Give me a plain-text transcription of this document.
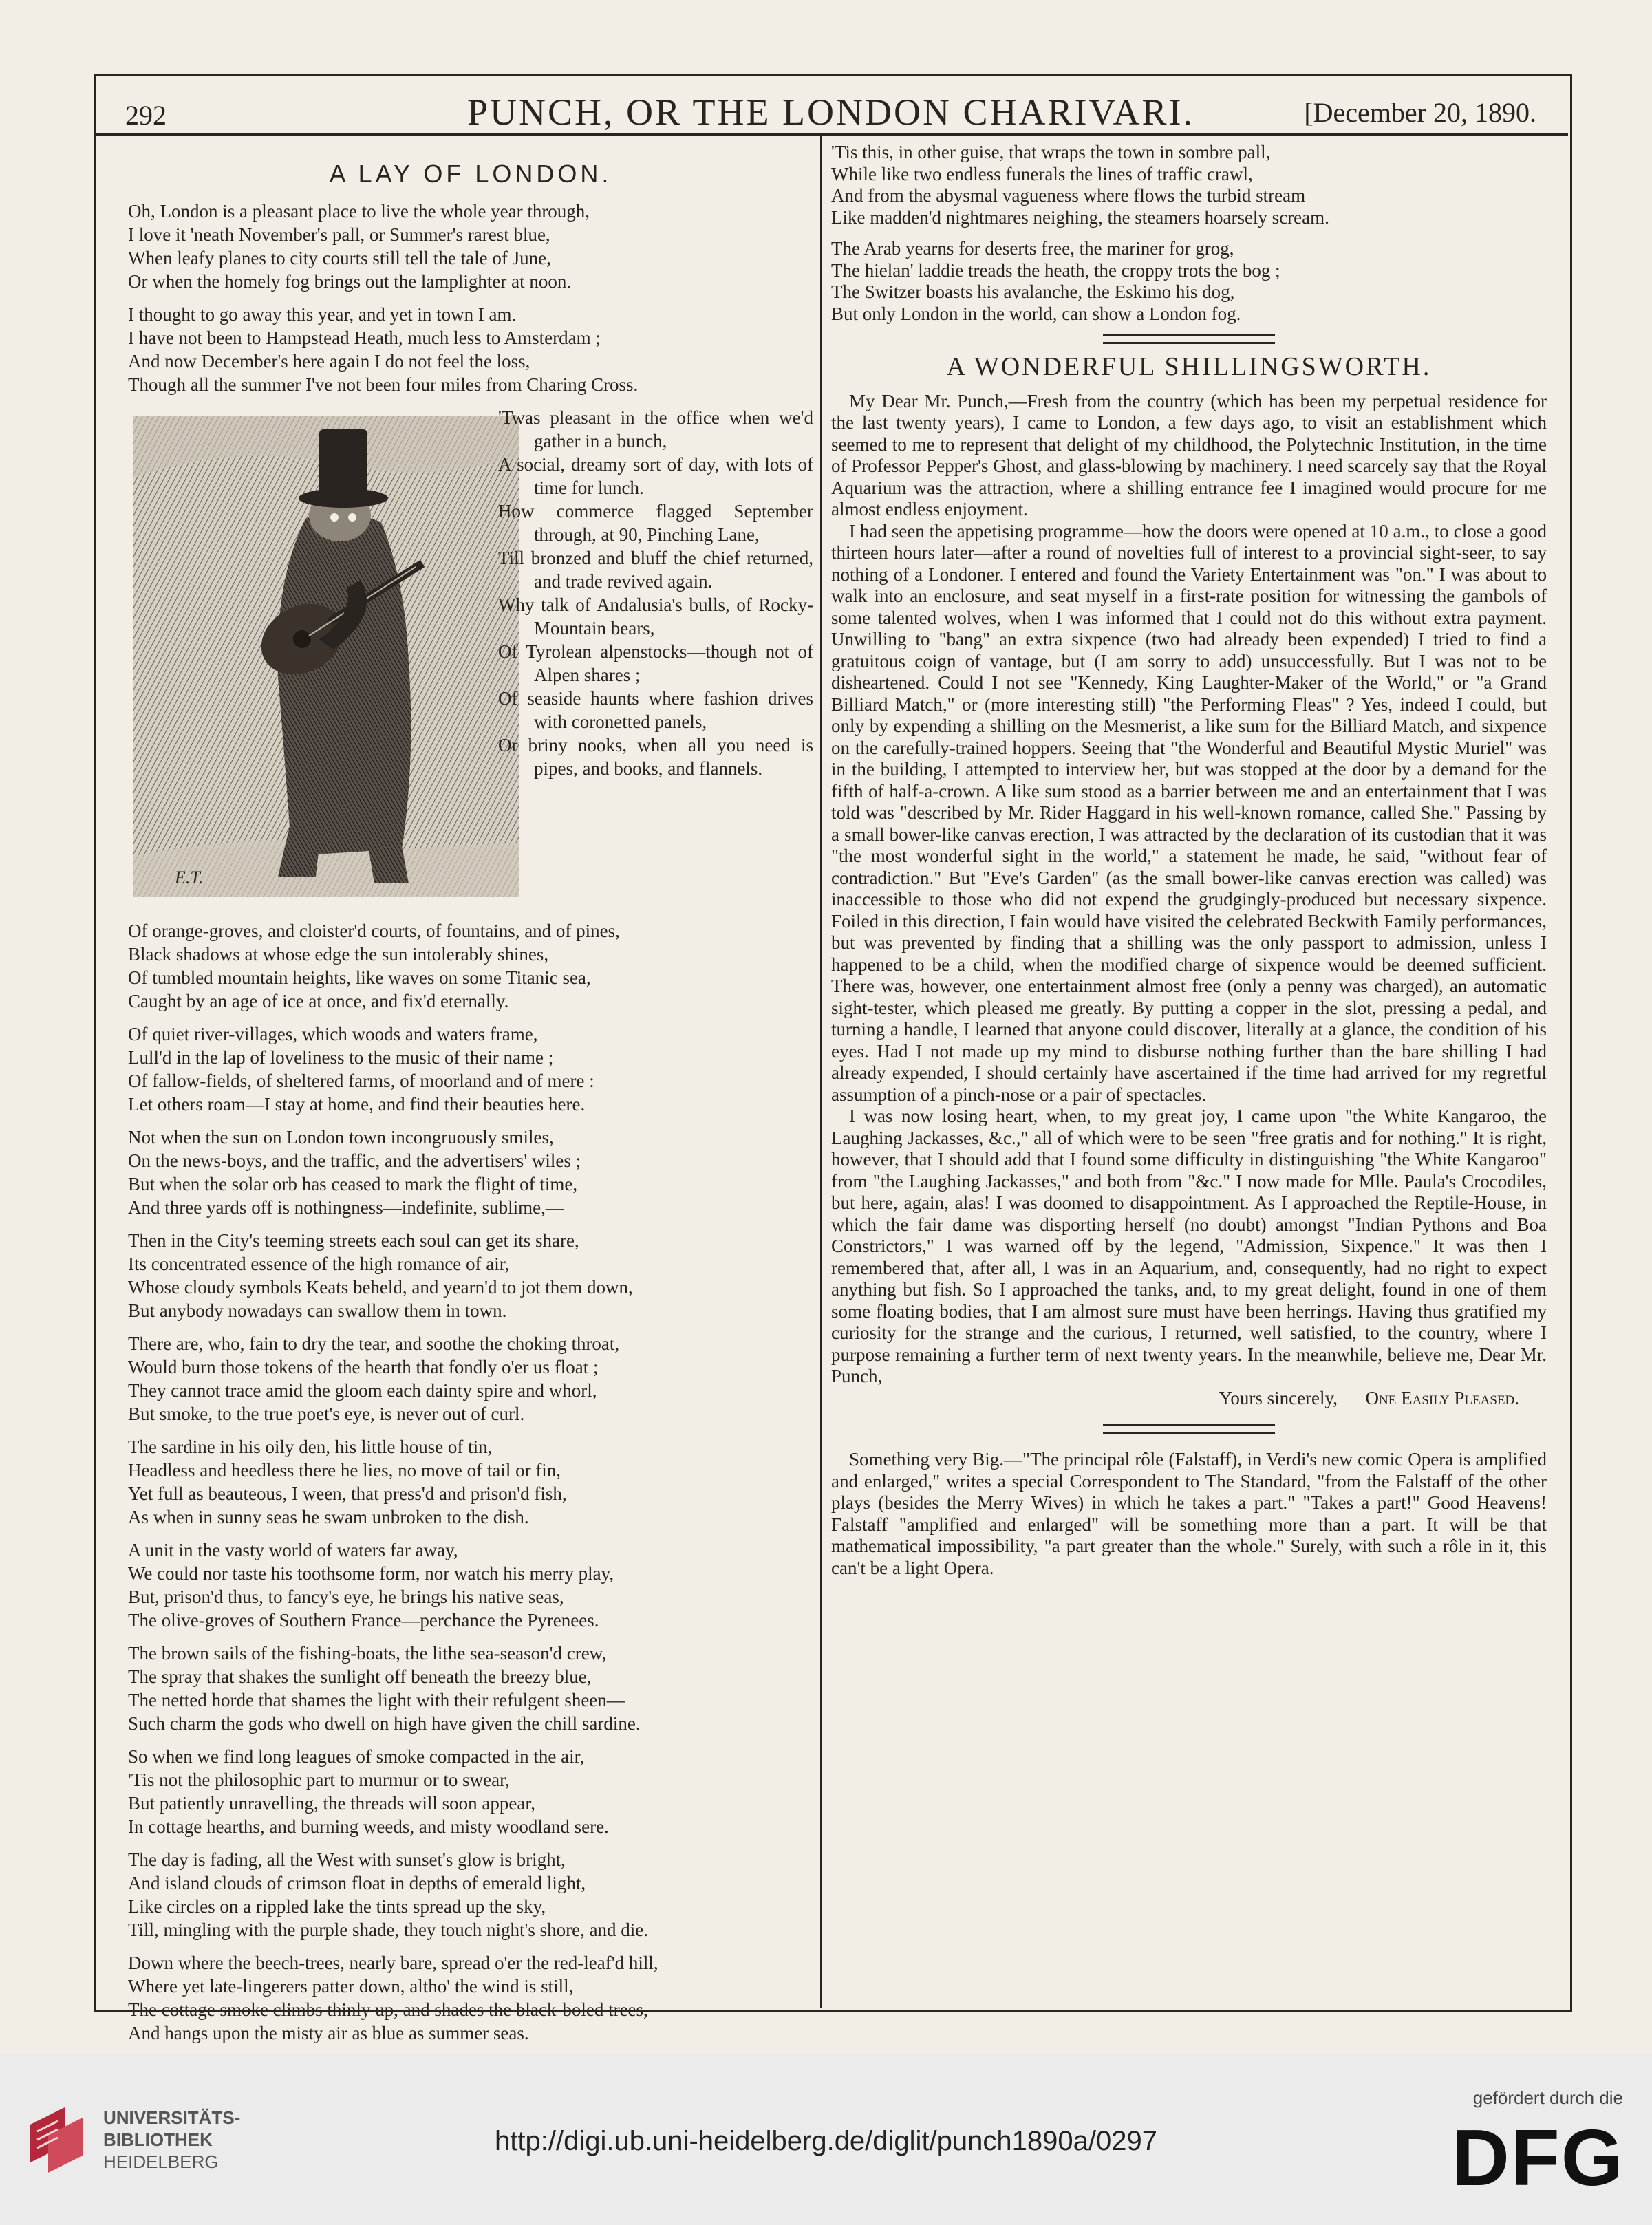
292	PUNCH, OR THE LONDON CHARIVARI.	[December 20, 1890.
A LAY OF LONDON.
Oh, London is a pleasant place to live the whole year through,
I love it 'neath November's pall, or Summer's rarest blue,
When leafy planes to city courts still tell the tale of June,
Or when the homely fog brings out the lamplighter at noon.
I thought to go away this year, and yet in town I am.
I have not been to Hampstead Heath, much less to Amsterdam ;
And now December's here again I do not feel the loss,
Though all the summer I've not been four miles from Charing Cross.
E.T.
'Twas pleasant in the office when we'd gather in a bunch,
A social, dreamy sort of day, with lots of time for lunch.
How commerce flagged September through, at 90, Pinching Lane,
Till bronzed and bluff the chief returned, and trade revived again.
Why talk of Andalusia's bulls, of Rocky-Mountain bears,
Of Tyrolean alpenstocks—though not of Alpen shares ;
Of seaside haunts where fashion drives with coronetted panels,
Or briny nooks, when all you need is pipes, and books, and flannels.
Of orange-groves, and cloister'd courts, of fountains, and of pines,
Black shadows at whose edge the sun intolerably shines,
Of tumbled mountain heights, like waves on some Titanic sea,
Caught by an age of ice at once, and fix'd eternally.
Of quiet river-villages, which woods and waters frame,
Lull'd in the lap of loveliness to the music of their name ;
Of fallow-fields, of sheltered farms, of moorland and of mere :
Let others roam—I stay at home, and find their beauties here.
Not when the sun on London town incongruously smiles,
On the news-boys, and the traffic, and the advertisers' wiles ;
But when the solar orb has ceased to mark the flight of time,
And three yards off is nothingness—indefinite, sublime,—
Then in the City's teeming streets each soul can get its share,
Its concentrated essence of the high romance of air,
Whose cloudy symbols Keats beheld, and yearn'd to jot them down,
But anybody nowadays can swallow them in town.
There are, who, fain to dry the tear, and soothe the choking throat,
Would burn those tokens of the hearth that fondly o'er us float ;
They cannot trace amid the gloom each dainty spire and whorl,
But smoke, to the true poet's eye, is never out of curl.
The sardine in his oily den, his little house of tin,
Headless and heedless there he lies, no move of tail or fin,
Yet full as beauteous, I ween, that press'd and prison'd fish,
As when in sunny seas he swam unbroken to the dish.
A unit in the vasty world of waters far away,
We could nor taste his toothsome form, nor watch his merry play,
But, prison'd thus, to fancy's eye, he brings his native seas,
The olive-groves of Southern France—perchance the Pyrenees.
The brown sails of the fishing-boats, the lithe sea-season'd crew,
The spray that shakes the sunlight off beneath the breezy blue,
The netted horde that shames the light with their refulgent sheen—
Such charm the gods who dwell on high have given the chill sardine.
So when we find long leagues of smoke compacted in the air,
'Tis not the philosophic part to murmur or to swear,
But patiently unravelling, the threads will soon appear,
In cottage hearths, and burning weeds, and misty woodland sere.
The day is fading, all the West with sunset's glow is bright,
And island clouds of crimson float in depths of emerald light,
Like circles on a rippled lake the tints spread up the sky,
Till, mingling with the purple shade, they touch night's shore, and die.
Down where the beech-trees, nearly bare, spread o'er the red-leaf'd hill,
Where yet late-lingerers patter down, altho' the wind is still,
The cottage smoke climbs thinly up, and shades the black-boled trees,
And hangs upon the misty air as blue as summer seas.
'Tis this, in other guise, that wraps the town in sombre pall,
While like two endless funerals the lines of traffic crawl,
And from the abysmal vagueness where flows the turbid stream
Like madden'd nightmares neighing, the steamers hoarsely scream.
The Arab yearns for deserts free, the mariner for grog,
The hielan' laddie treads the heath, the croppy trots the bog ;
The Switzer boasts his avalanche, the Eskimo his dog,
But only London in the world, can show a London fog.
A WONDERFUL SHILLINGSWORTH.

My Dear Mr. Punch,—Fresh from the country (which has been my perpetual residence for the last twenty years), I came to London, a few days ago, to visit an establishment which seemed to me to represent that delight of my childhood, the Polytechnic Institution, in the time of Professor Pepper's Ghost, and glass-blowing by machinery. I need scarcely say that the Royal Aquarium was the attraction, where a shilling entrance fee I imagined would procure for me almost endless enjoyment.

I had seen the appetising programme—how the doors were opened at 10 a.m., to close a good thirteen hours later—after a round of novelties full of interest to a provincial sight-seer, to say nothing of a Londoner. I entered and found the Variety Entertainment was "on." I was about to walk into an enclosure, and seat myself in a first-rate position for witnessing the gambols of some talented wolves, when I was informed that I could not do this without extra payment. Unwilling to "bang" an extra sixpence (two had already been expended) I tried to find a gratuitous coign of vantage, but (I am sorry to add) unsuccessfully. But I was not to be disheartened. Could I not see "Kennedy, King Laughter-Maker of the World," or "a Grand Billiard Match," or (more interesting still) "the Performing Fleas" ? Yes, indeed I could, but only by expending a shilling on the Mesmerist, a like sum for the Billiard Match, and sixpence on the carefully-trained hoppers. Seeing that "the Wonderful and Beautiful Mystic Muriel" was in the building, I attempted to interview her, but was stopped at the door by a demand for the fifth of half-a-crown. A like sum stood as a barrier between me and an entertainment that I was told was "described by Mr. Rider Haggard in his well-known romance, called She." Passing by a small bower-like canvas erection, I was attracted by the declaration of its custodian that it was "the most wonderful sight in the world," a statement he made, he said, "without fear of contradiction." But "Eve's Garden" (as the small bower-like canvas erection was called) was inaccessible to those who did not expend the grudgingly-produced but necessary sixpence. Foiled in this direction, I fain would have visited the celebrated Beckwith Family performances, but was prevented by finding that a shilling was the only passport to admission, unless I happened to be a child, when the modified charge of sixpence would be deemed sufficient. There was, however, one entertainment almost free (only a penny was charged), an automatic sight-tester, which pleased me greatly. By putting a copper in the slot, pressing a pedal, and turning a handle, I learned that anyone could discover, literally at a glance, the condition of his eyes. Had I not made up my mind to disburse nothing further than the bare shilling I had already expended, I should certainly have ascertained if the time had arrived for my regretful assumption of a pinch-nose or a pair of spectacles.

I was now losing heart, when, to my great joy, I came upon "the White Kangaroo, the Laughing Jackasses, &c.," all of which were to be seen "free gratis and for nothing." It is right, however, that I should add that I found some difficulty in distinguishing "the White Kangaroo" from "the Laughing Jackasses," and both from "&c." I now made for Mlle. Paula's Crocodiles, but here, again, alas! I was doomed to disappointment. As I approached the Reptile-House, in which the fair dame was disporting herself (no doubt) amongst "Indian Pythons and Boa Constrictors," I was warned off by the legend, "Admission, Sixpence." It was then I remembered that, after all, I was in an Aquarium, and, consequently, had no right to expect anything but fish. So I approached the tanks, and, to my great delight, found in one of them some floating bodies, that I am almost sure must have been herrings. Having thus gratified my curiosity for the strange and the curious, I returned, well satisfied, to the country, where I purpose remaining a further term of next twenty years. In the meanwhile, believe me, Dear Mr. Punch,

Yours sincerely, One Easily Pleased.

Something very Big.—"The principal rôle (Falstaff), in Verdi's new comic Opera is amplified and enlarged," writes a special Correspondent to The Standard, "from the Falstaff of the other plays (besides the Merry Wives) in which he takes a part." "Takes a part!" Good Heavens! Falstaff "amplified and enlarged" will be something more than a part. It will be that mathematical impossibility, "a part greater than the whole." Surely, with such a rôle in it, this can't be a light Opera.

UNIVERSITÄTS-
BIBLIOTHEK
HEIDELBERG
http://digi.ub.uni-heidelberg.de/diglit/punch1890a/0297
gefördert durch die
DFG
